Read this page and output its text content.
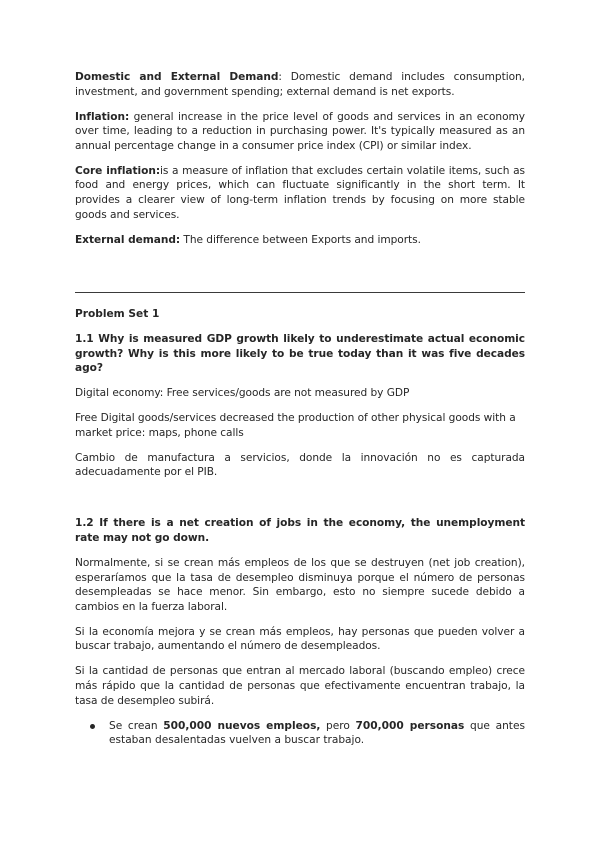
Domestic and External Demand: Domestic demand includes consumption, investment, and government spending; external demand is net exports.

Inflation: general increase in the price level of goods and services in an economy over time, leading to a reduction in purchasing power. It's typically measured as an annual percentage change in a consumer price index (CPI) or similar index.

Core inflation:is a measure of inflation that excludes certain volatile items, such as food and energy prices, which can fluctuate significantly in the short term. It provides a clearer view of long-term inflation trends by focusing on more stable goods and services.

External demand: The difference between Exports and imports.

Problem Set 1

1.1 Why is measured GDP growth likely to underestimate actual economic growth? Why is this more likely to be true today than it was five decades ago?

Digital economy: Free services/goods are not measured by GDP

Free Digital goods/services decreased the production of other physical goods with a market price: maps, phone calls

Cambio de manufactura a servicios, donde la innovación no es capturada adecuadamente por el PIB.

1.2 If there is a net creation of jobs in the economy, the unemployment rate may not go down.

Normalmente, si se crean más empleos de los que se destruyen (net job creation), esperaríamos que la tasa de desempleo disminuya porque el número de personas desempleadas se hace menor. Sin embargo, esto no siempre sucede debido a cambios en la fuerza laboral.

Si la economía mejora y se crean más empleos, hay personas que pueden volver a buscar trabajo, aumentando el número de desempleados.

Si la cantidad de personas que entran al mercado laboral (buscando empleo) crece más rápido que la cantidad de personas que efectivamente encuentran trabajo, la tasa de desempleo subirá.

Se crean 500,000 nuevos empleos, pero 700,000 personas que antes estaban desalentadas vuelven a buscar trabajo.
